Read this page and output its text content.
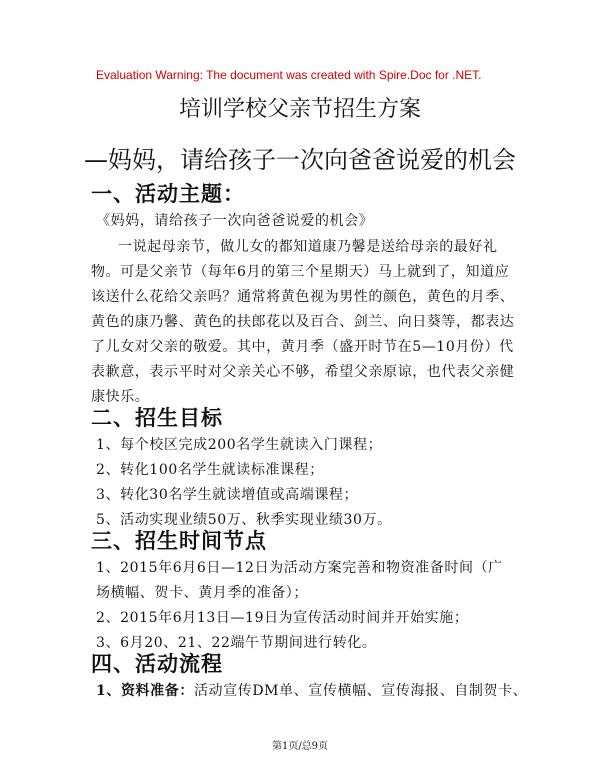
Evaluation Warning: The document was created with Spire.Doc for .NET.
培训学校父亲节招生方案
—妈妈，请给孩子一次向爸爸说爱的机会
一、活动主题：
《妈妈，请给孩子一次向爸爸说爱的机会》
一说起母亲节，做儿女的都知道康乃馨是送给母亲的最好礼
物。可是父亲节（每年6月的第三个星期天）马上就到了，知道应
该送什么花给父亲吗？通常将黄色视为男性的颜色，黄色的月季、
黄色的康乃馨、黄色的扶郎花以及百合、剑兰、向日葵等，都表达
了儿女对父亲的敬爱。其中，黄月季（盛开时节在5—10月份）代
表歉意，表示平时对父亲关心不够，希望父亲原谅，也代表父亲健
康快乐。
二、招生目标
1、每个校区完成200名学生就读入门课程；
2、转化100名学生就读标准课程；
3、转化30名学生就读增值或高端课程；
5、活动实现业绩50万、秋季实现业绩30万。
三、招生时间节点
1、2015年6月6日—12日为活动方案完善和物资准备时间（广
场横幅、贺卡、黄月季的准备）；
2、2015年6月13日—19日为宣传活动时间并开始实施；
3、6月20、21、22端午节期间进行转化。
四、活动流程
1、资料准备：活动宣传DM单、宣传横幅、宣传海报、自制贺卡、
第1页/总9页
